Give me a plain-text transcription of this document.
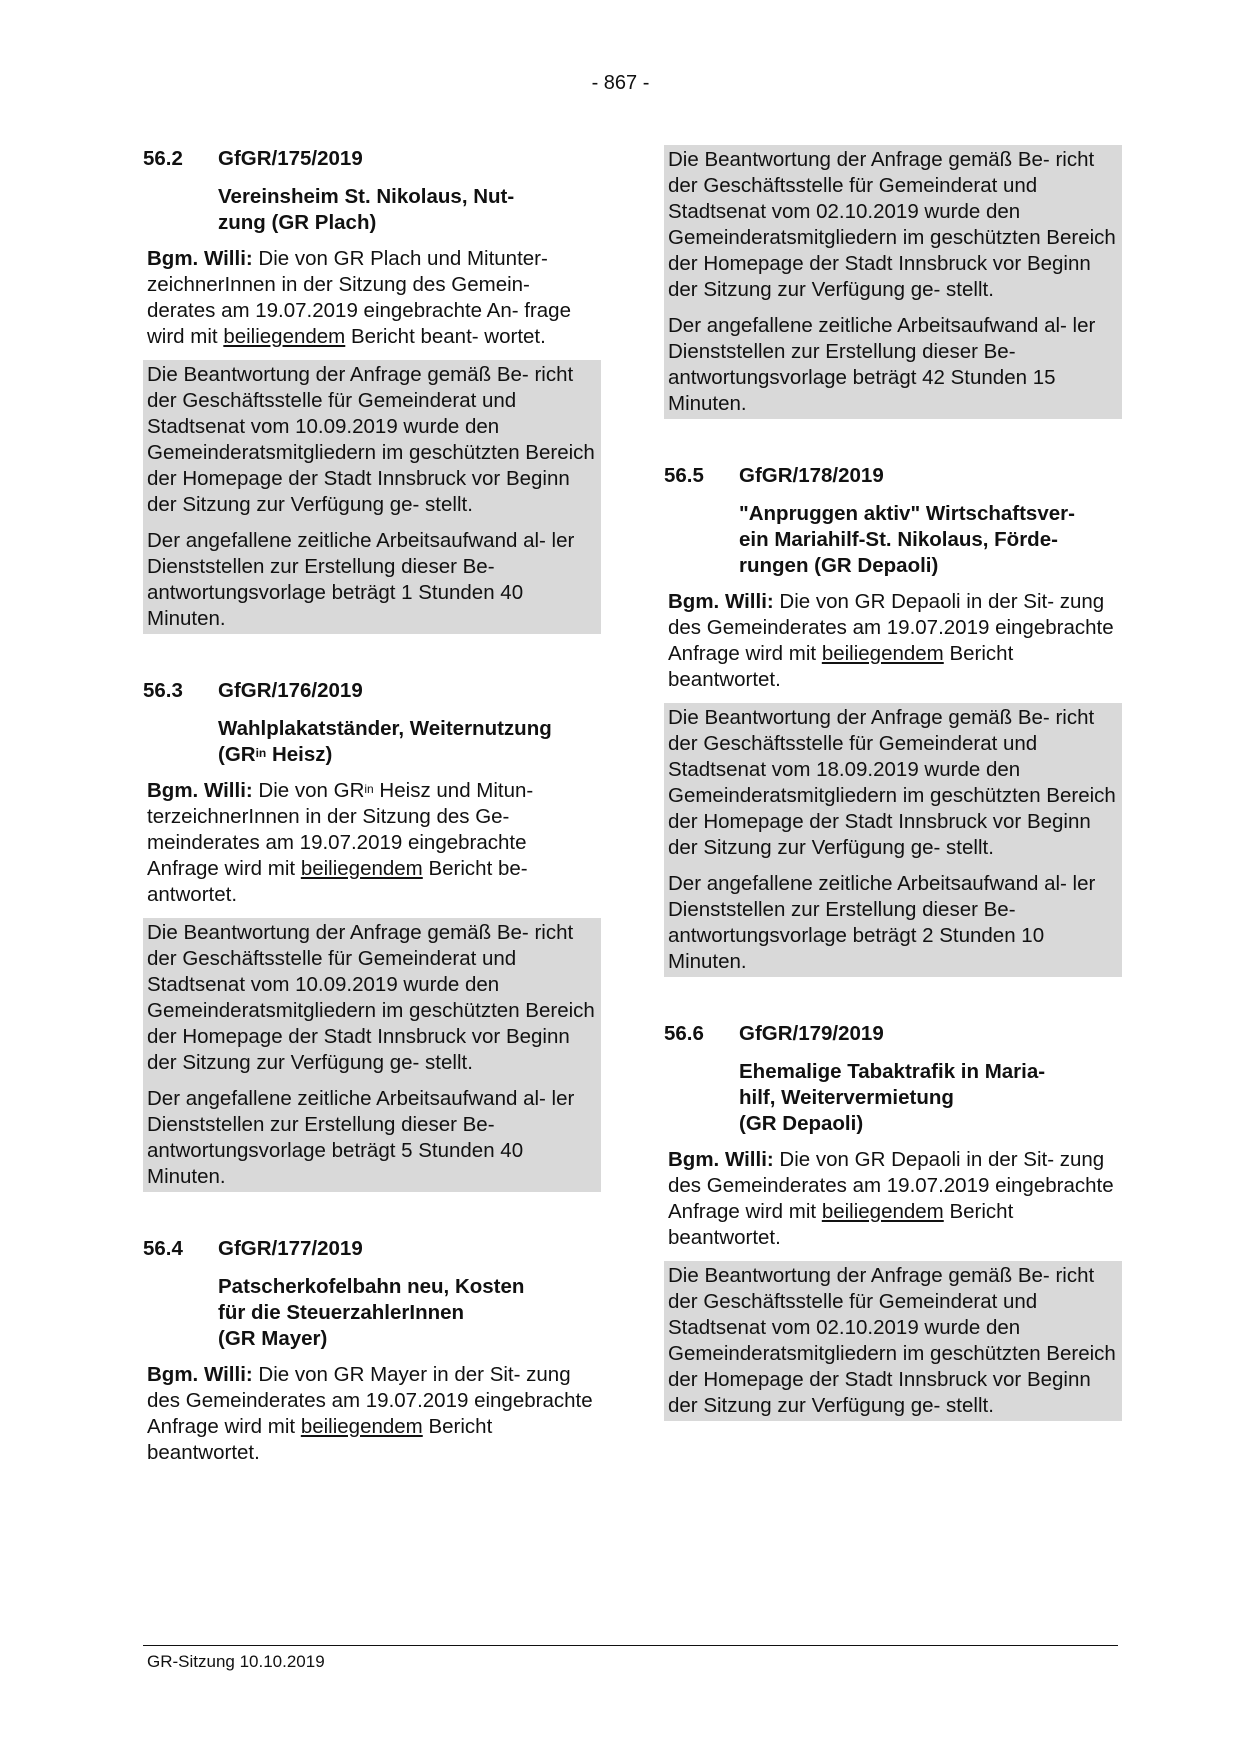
- 867 -
56.2	GfGR/175/2019
Vereinsheim St. Nikolaus, Nut-
zung (GR Plach)

Bgm. Willi: Die von GR Plach und Mitunter- zeichnerInnen in der Sitzung des Gemein- derates am 19.07.2019 eingebrachte An- frage wird mit beiliegendem Bericht beant- wortet.

Die Beantwortung der Anfrage gemäß Be- richt der Geschäftsstelle für Gemeinderat und Stadtsenat vom 10.09.2019 wurde den Gemeinderatsmitgliedern im geschützten Bereich der Homepage der Stadt Innsbruck vor Beginn der Sitzung zur Verfügung ge- stellt.

Der angefallene zeitliche Arbeitsaufwand al- ler Dienststellen zur Erstellung dieser Be- antwortungsvorlage beträgt 1 Stunden 40 Minuten.

56.3	GfGR/176/2019
Wahlplakatständer, Weiternutzung
($GR^{in}$ Heisz)

Bgm. Willi: Die von $GR^{in}$ Heisz und Mitun- terzeichnerInnen in der Sitzung des Ge- meinderates am 19.07.2019 eingebrachte Anfrage wird mit beiliegendem Bericht be- antwortet.

Die Beantwortung der Anfrage gemäß Be- richt der Geschäftsstelle für Gemeinderat und Stadtsenat vom 10.09.2019 wurde den Gemeinderatsmitgliedern im geschützten Bereich der Homepage der Stadt Innsbruck vor Beginn der Sitzung zur Verfügung ge- stellt.

Der angefallene zeitliche Arbeitsaufwand al- ler Dienststellen zur Erstellung dieser Be- antwortungsvorlage beträgt 5 Stunden 40 Minuten.

56.4	GfGR/177/2019
Patscherkofelbahn neu, Kosten
für die SteuerzahlerInnen
(GR Mayer)

Bgm. Willi: Die von GR Mayer in der Sit- zung des Gemeinderates am 19.07.2019 eingebrachte Anfrage wird mit beiliegendem Bericht beantwortet.

Die Beantwortung der Anfrage gemäß Be- richt der Geschäftsstelle für Gemeinderat und Stadtsenat vom 02.10.2019 wurde den Gemeinderatsmitgliedern im geschützten Bereich der Homepage der Stadt Innsbruck vor Beginn der Sitzung zur Verfügung ge- stellt.

Der angefallene zeitliche Arbeitsaufwand al- ler Dienststellen zur Erstellung dieser Be- antwortungsvorlage beträgt 42 Stunden 15 Minuten.

56.5	GfGR/178/2019
"Anpruggen aktiv" Wirtschaftsver-
ein Mariahilf-St. Nikolaus, Förde-
rungen (GR Depaoli)

Bgm. Willi: Die von GR Depaoli in der Sit- zung des Gemeinderates am 19.07.2019 eingebrachte Anfrage wird mit beiliegendem Bericht beantwortet.

Die Beantwortung der Anfrage gemäß Be- richt der Geschäftsstelle für Gemeinderat und Stadtsenat vom 18.09.2019 wurde den Gemeinderatsmitgliedern im geschützten Bereich der Homepage der Stadt Innsbruck vor Beginn der Sitzung zur Verfügung ge- stellt.

Der angefallene zeitliche Arbeitsaufwand al- ler Dienststellen zur Erstellung dieser Be- antwortungsvorlage beträgt 2 Stunden 10 Minuten.

56.6	GfGR/179/2019
Ehemalige Tabaktrafik in Maria-
hilf, Weitervermietung
(GR Depaoli)

Bgm. Willi: Die von GR Depaoli in der Sit- zung des Gemeinderates am 19.07.2019 eingebrachte Anfrage wird mit beiliegendem Bericht beantwortet.

Die Beantwortung der Anfrage gemäß Be- richt der Geschäftsstelle für Gemeinderat und Stadtsenat vom 02.10.2019 wurde den Gemeinderatsmitgliedern im geschützten Bereich der Homepage der Stadt Innsbruck vor Beginn der Sitzung zur Verfügung ge- stellt.

GR-Sitzung 10.10.2019
